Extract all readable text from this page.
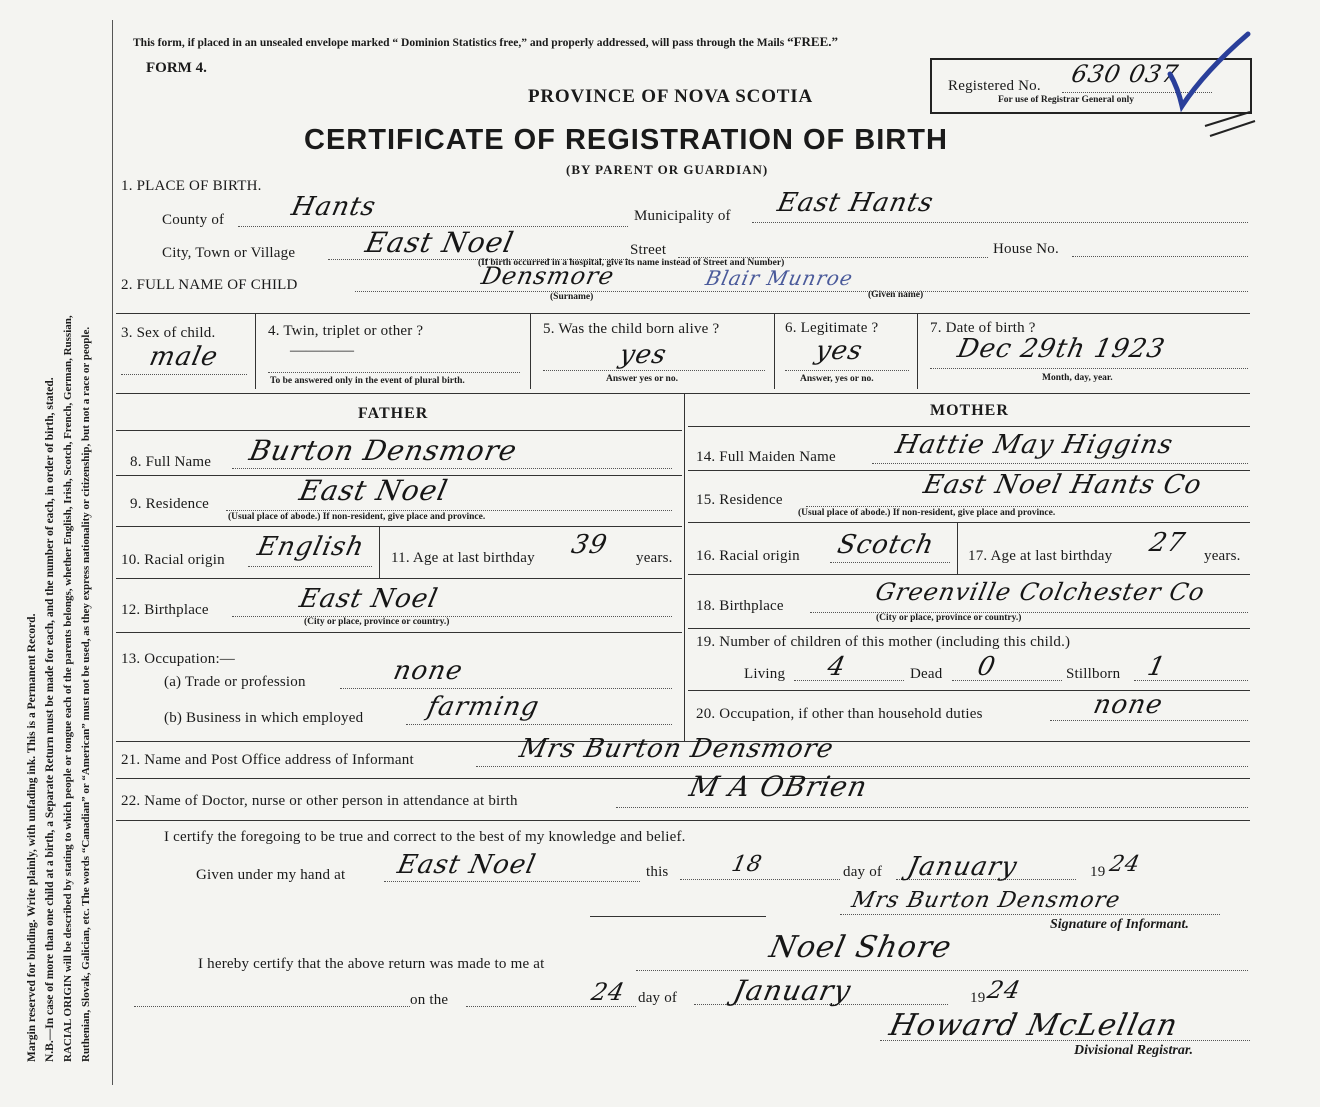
Margin reserved for binding. Write plainly, with unfading ink. This is a Permanent Record. N.B.—In case of more than one child at a birth, a Separate Return must be made for each, and the number of each, in order of birth, stated. RACIAL ORIGIN will be described by stating to which people or tongue each of the parents belongs, whether English, Irish, Scotch, French, German, Russian, Ruthenian, Slovak, Galician, etc. The words “Canadian” or “American” must not be used, as they express nationality or citizenship, but not a race or people.
This form, if placed in an unsealed envelope marked “ Dominion Statistics free,” and properly addressed, will pass through the Mails “FREE.”
FORM 4.
Registered No. 630 037
For use of Registrar General only
PROVINCE OF NOVA SCOTIA
CERTIFICATE OF REGISTRATION OF BIRTH
(BY PARENT OR GUARDIAN)
1. PLACE OF BIRTH.
County of Hants	Municipality of East Hants
City, Town or Village East Noel	Street
(If birth occurred in a hospital, give its name instead of Street and Number)
House No.
2. FULL NAME OF CHILD	Densmore	Blair Munroe
(Surname)	(Given name)
3. Sex of child.
male
4. Twin, triplet or other ?
————
To be answered only in the event of plural birth.
5. Was the child born alive ?
yes
Answer yes or no.
6. Legitimate ?
yes
Answer, yes or no.
7. Date of birth ?
Dec 29th 1923
Month, day, year.
FATHER	MOTHER
8. Full Name Burton Densmore
9. Residence	East Noel
(Usual place of abode.) If non-resident, give place and province.
10. Racial origin English 11. Age at last birthday 39 years.
12. Birthplace	East Noel
(City or place, province or country.)
13. Occupation:—
(a) Trade or profession	none
(b) Business in which employed farming
14. Full Maiden Name Hattie May Higgins
15. Residence	East Noel Hants Co
(Usual place of abode.) If non-resident, give place and province.
16. Racial origin Scotch 17. Age at last birthday 27 years.
18. Birthplace	Greenville Colchester Co
(City or place, province or country.)
19. Number of children of this mother (including this child.)
Living 4	Dead 0	Stillborn 1
20. Occupation, if other than household duties	none
21. Name and Post Office address of Informant	Mrs Burton Densmore
22. Name of Doctor, nurse or other person in attendance at birth	M A OBrien
I certify the foregoing to be true and correct to the best of my knowledge and belief.
Given under my hand at East Noel	this	18	day of January	19 24
Mrs Burton Densmore
Signature of Informant.
I hereby certify that the above return was made to me at	Noel Shore
on the	24 day of January	19 24
Howard McLellan
Divisional Registrar.
